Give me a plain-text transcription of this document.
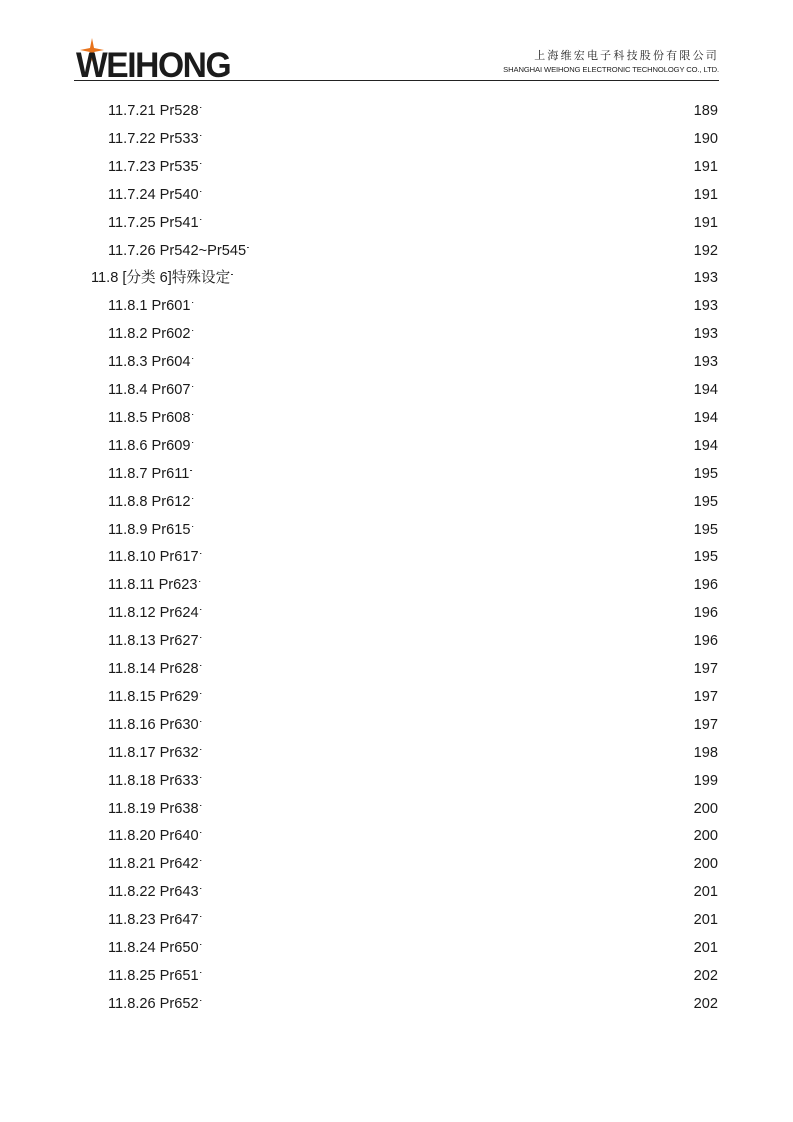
WEIHONG	上海维宏电子科技股份有限公司
SHANGHAI WEIHONG ELECTRONIC TECHNOLOGY CO., LTD.
11.7.21 Pr528 . . .	189
11.7.22 Pr533 . . .	190
11.7.23 Pr535 . . .	191
11.7.24 Pr540 . . .	191
11.7.25 Pr541 . . .	191
11.7.26 Pr542~Pr545 . . .	192
11.8 [分类 6]特殊设定 . . .	193
11.8.1 Pr601 . . .	193
11.8.2 Pr602 . . .	193
11.8.3 Pr604 . . .	193
11.8.4 Pr607 . . .	194
11.8.5 Pr608 . . .	194
11.8.6 Pr609 . . .	194
11.8.7 Pr611 . . .	195
11.8.8 Pr612 . . .	195
11.8.9 Pr615 . . .	195
11.8.10 Pr617 . . .	195
11.8.11 Pr623 . . .	196
11.8.12 Pr624 . . .	196
11.8.13 Pr627 . . .	196
11.8.14 Pr628 . . .	197
11.8.15 Pr629 . . .	197
11.8.16 Pr630 . . .	197
11.8.17 Pr632 . . .	198
11.8.18 Pr633 . . .	199
11.8.19 Pr638 . . .	200
11.8.20 Pr640 . . .	200
11.8.21 Pr642 . . .	200
11.8.22 Pr643 . . .	201
11.8.23 Pr647 . . .	201
11.8.24 Pr650 . . .	201
11.8.25 Pr651 . . .	202
11.8.26 Pr652 . . .	202
